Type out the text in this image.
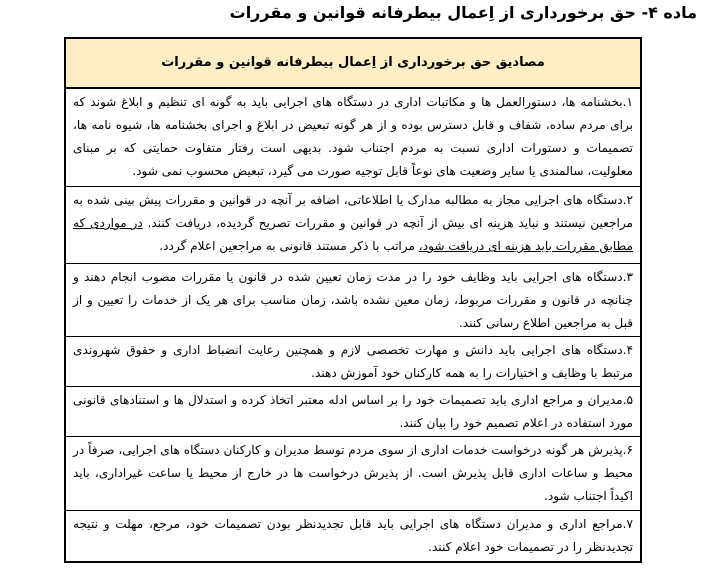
ماده ۴- حق برخورداری از اِعمال بیطرفانه قوانین و مقررات
مصادیق حق برخورداری از اِعمال بیطرفانه قوانین و مقررات
۱.بخشنامه ها، دستورالعمل ها و مکاتبات اداری در دستگاه های اجرایی باید به گونه ای تنظیم و ابلاغ شوند که برای مردم ساده، شفاف و قابل دسترس بوده و از هر گونه تبعیض در ابلاغ و اجرای بخشنامه ها، شیوه نامه ها، تصمیمات و دستورات اداری نسبت به مردم اجتناب شود. بدیهی است رفتار متفاوت حمایتی که بر مبنای معلولیت، سالمندی یا سایر وضعیت های نوعاً قابل توجیه صورت می گیرد، تبعیض محسوب نمی شود.
۲.دستگاه های اجرایی مجاز به مطالبه مدارک یا اطلاعاتی، اضافه بر آنچه در قوانین و مقررات پیش بینی شده به مراجعین نیستند و نباید هزینه ای بیش از آنچه در قوانین و مقررات تصریح گردیده، دریافت کنند. در مواردی که مطابق مقررات باید هزینه ای دریافت شود، مراتب با ذکر مستند قانونی به مراجعین اعلام گردد.
۳.دستگاه های اجرایی باید وظایف خود را در مدت زمان تعیین شده در قانون یا مقررات مصوب انجام دهند و چنانچه در قانون و مقررات مربوط، زمان معین نشده باشد، زمان مناسب برای هر یک از خدمات را تعیین و از قبل به مراجعین اطلاع رسانی کنند.
۴.دستگاه های اجرایی باید دانش و مهارت تخصصی لازم و همچنین رعایت انضباط اداری و حقوق شهروندی مرتبط با وظایف و اختیارات را به همه کارکنان خود آموزش دهند.
۵.مدیران و مراجع اداری باید تصمیمات خود را بر اساس ادله معتبر اتخاذ کرده و استدلال ها و استنادهای قانونی مورد استفاده در اعلام تصمیم خود را بیان کنند.
۶.پذیرش هر گونه درخواست خدمات اداری از سوی مردم توسط مدیران و کارکنان دستگاه های اجرایی، صرفاً در محیط و ساعات اداری قابل پذیرش است. از پذیرش درخواست ها در خارج از محیط یا ساعت غیراداری، باید اکیداً اجتناب شود.
۷.مراجع اداری و مدیران دستگاه های اجرایی باید قابل تجدیدنظر بودن تصمیمات خود، مرجع، مهلت و نتیجه تجدیدنظر را در تصمیمات خود اعلام کنند.
